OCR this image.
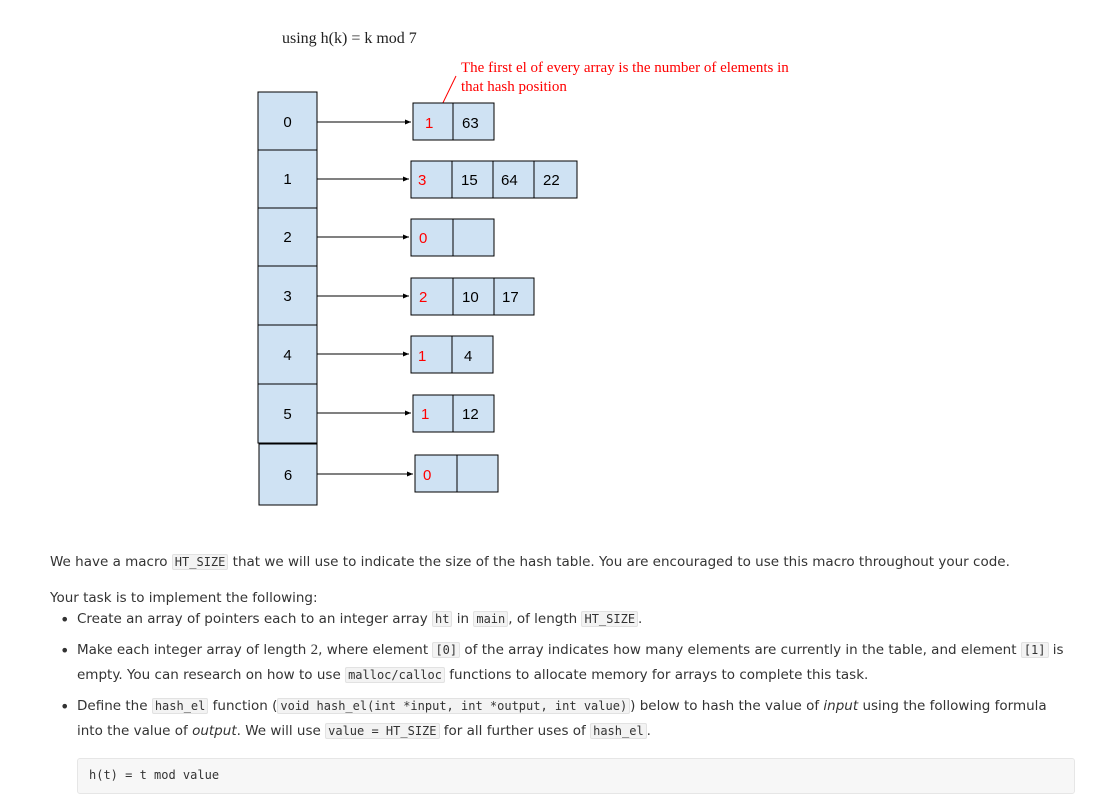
using h(k) = k mod 7
The first el of every array is the number of elements in
that hash position
0
1
2
3
4
5
6
1 63
3 15 64 22
0
2 10 17
1	4
1 12
0

We have a macro HT_SIZE that we will use to indicate the size of the hash table. You are encouraged to use this macro throughout your code.

Your task is to implement the following:

• Create an array of pointers each to an integer array ht in main , of length HT_SIZE .
• Make each integer array of length 2, where element [0] of the array indicates how many elements are currently in the table, and element [1] is empty. You can research on how to use malloc/calloc functions to allocate memory for arrays to complete this task.
• Define the hash_el function ( void hash_el(int *input, int *output, int value) ) below to hash the value of input using the following formula into the value of output. We will use value = HT_SIZE for all further uses of hash_el .
h(t) = t mod value
